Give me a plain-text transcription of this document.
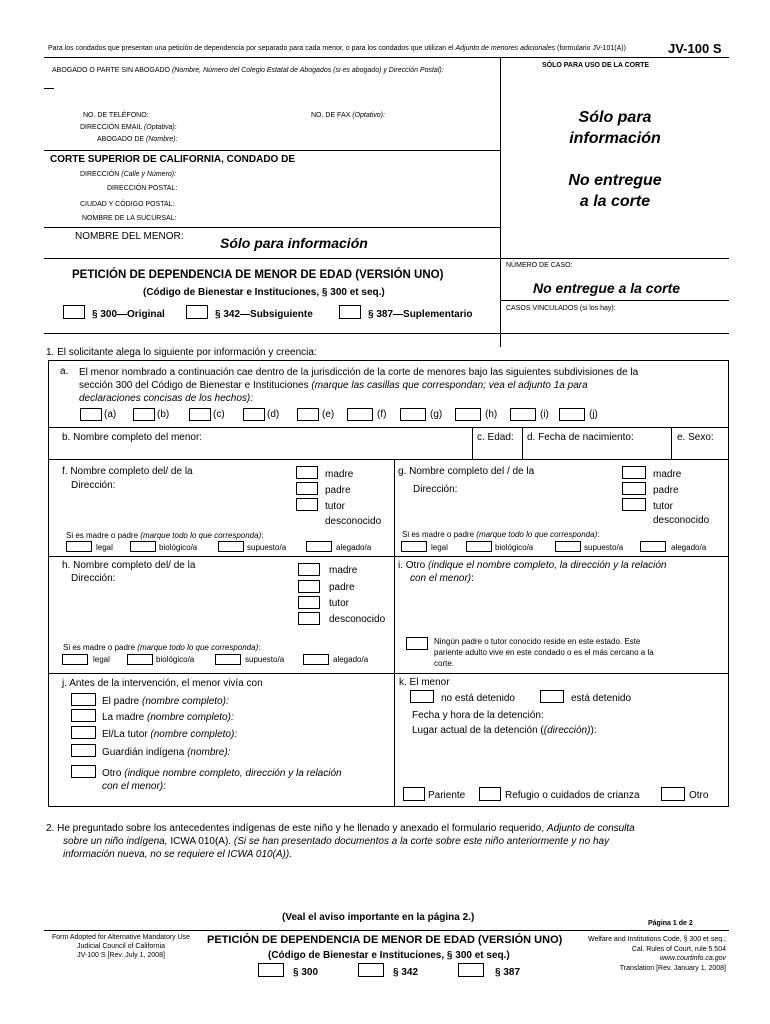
Para los condados que presentan una petición de dependencia por separado para cada menor, o para los condados que utilizan el Adjunto de menores adicionales (formulario JV-101(A))	JV-100 S
ABOGADO O PARTE SIN ABOGADO (Nombre, Número del Colegio Estatal de Abogados (si es abogado) y Dirección Postal):
SÓLO PARA USO DE LA CORTE
NO. DE TELÉFONO:	NO. DE FAX (Optativo):
DIRECCIÓN EMAIL (Optativa):
ABOGADO DE (Nombre):
Sólo para
información
No entregue
a la corte
CORTE SUPERIOR DE CALIFORNIA, CONDADO DE
DIRECCIÓN (Calle y Número):
DIRECCIÓN POSTAL:
CIUDAD Y CÓDIGO POSTAL:
NOMBRE DE LA SUCURSAL:
NOMBRE DEL MENOR:	Sólo para información
NÚMERO DE CASO:
No entregue a la corte
CASOS VINCULADOS (si los hay):
PETICIÓN DE DEPENDENCIA DE MENOR DE EDAD (VERSIÓN UNO)
(Código de Bienestar e Instituciones, § 300 et seq.)
§ 300—Original	§ 342—Subsiguiente	§ 387—Suplementario
1. El solicitante alega lo siguiente por información y creencia:
a. El menor nombrado a continuación cae dentro de la jurisdicción de la corte de menores bajo las siguientes subdivisiones de la
sección 300 del Código de Bienestar e Instituciones (marque las casillas que correspondan; vea el adjunto 1a para
declaraciones concisas de los hechos):
(a)	(b)	(c)	(d)	(e)	(f)	(g)	(h)	(i)	(j)
b. Nombre completo del menor:	c. Edad: d. Fecha de nacimiento:	e. Sexo:
f. Nombre completo del/ de la
Dirección:
madre
padre
tutor
desconocido
Si es madre o padre (marque todo lo que corresponda):
legal	biológico/a	supuesto/a	alegado/a
g. Nombre completo del / de la
Dirección:
madre
padre
tutor
desconocido
Si es madre o padre (marque todo lo que corresponda):
legal	biológico/a	supuesto/a	alegado/a
h. Nombre completo del/ de la
Dirección:
madre
padre
tutor
desconocido
Si es madre o padre (marque todo lo que corresponda):
legal	biológico/a	supuesto/a	alegado/a
i. Otro (indique el nombre completo, la dirección y la relación
con el menor):
Ningún padre o tutor conocido reside en este estado. Este
pariente adulto vive en este condado o es el más cercano a la
corte.
j. Antes de la intervención, el menor vivía con
El padre (nombre completo):
La madre (nombre completo):
El/La tutor (nombre completo):
Guardián indígena (nombre):
Otro (indique nombre completo, dirección y la relación
con el menor):
k. El menor
no está detenido	está detenido
Fecha y hora de la detención:
Lugar actual de la detención ((dirección)):
Pariente	Refugio o cuidados de crianza	Otro
2. He preguntado sobre los antecedentes indígenas de este niño y he llenado y anexado el formulario requerido, Adjunto de consulta
sobre un niño indígena, ICWA 010(A). (Si se han presentado documentos a la corte sobre este niño anteriormente y no hay
información nueva, no se requiere el ICWA 010(A)).
(Veal el aviso importante en la página 2.)
Página 1 de 2
Form Adopted for Alternative Mandatory Use
Judicial Council of California
JV-100 S [Rev. July 1, 2008]
PETICIÓN DE DEPENDENCIA DE MENOR DE EDAD (VERSIÓN UNO)
(Código de Bienestar e Instituciones, § 300 et seq.)
§ 300	§ 342	§ 387
Welfare and Institutions Code, § 300 et seq.;
Cal. Rules of Court, rule 5.504
www.courtinfo.ca.gov
Translation [Rev. January 1, 2008]
